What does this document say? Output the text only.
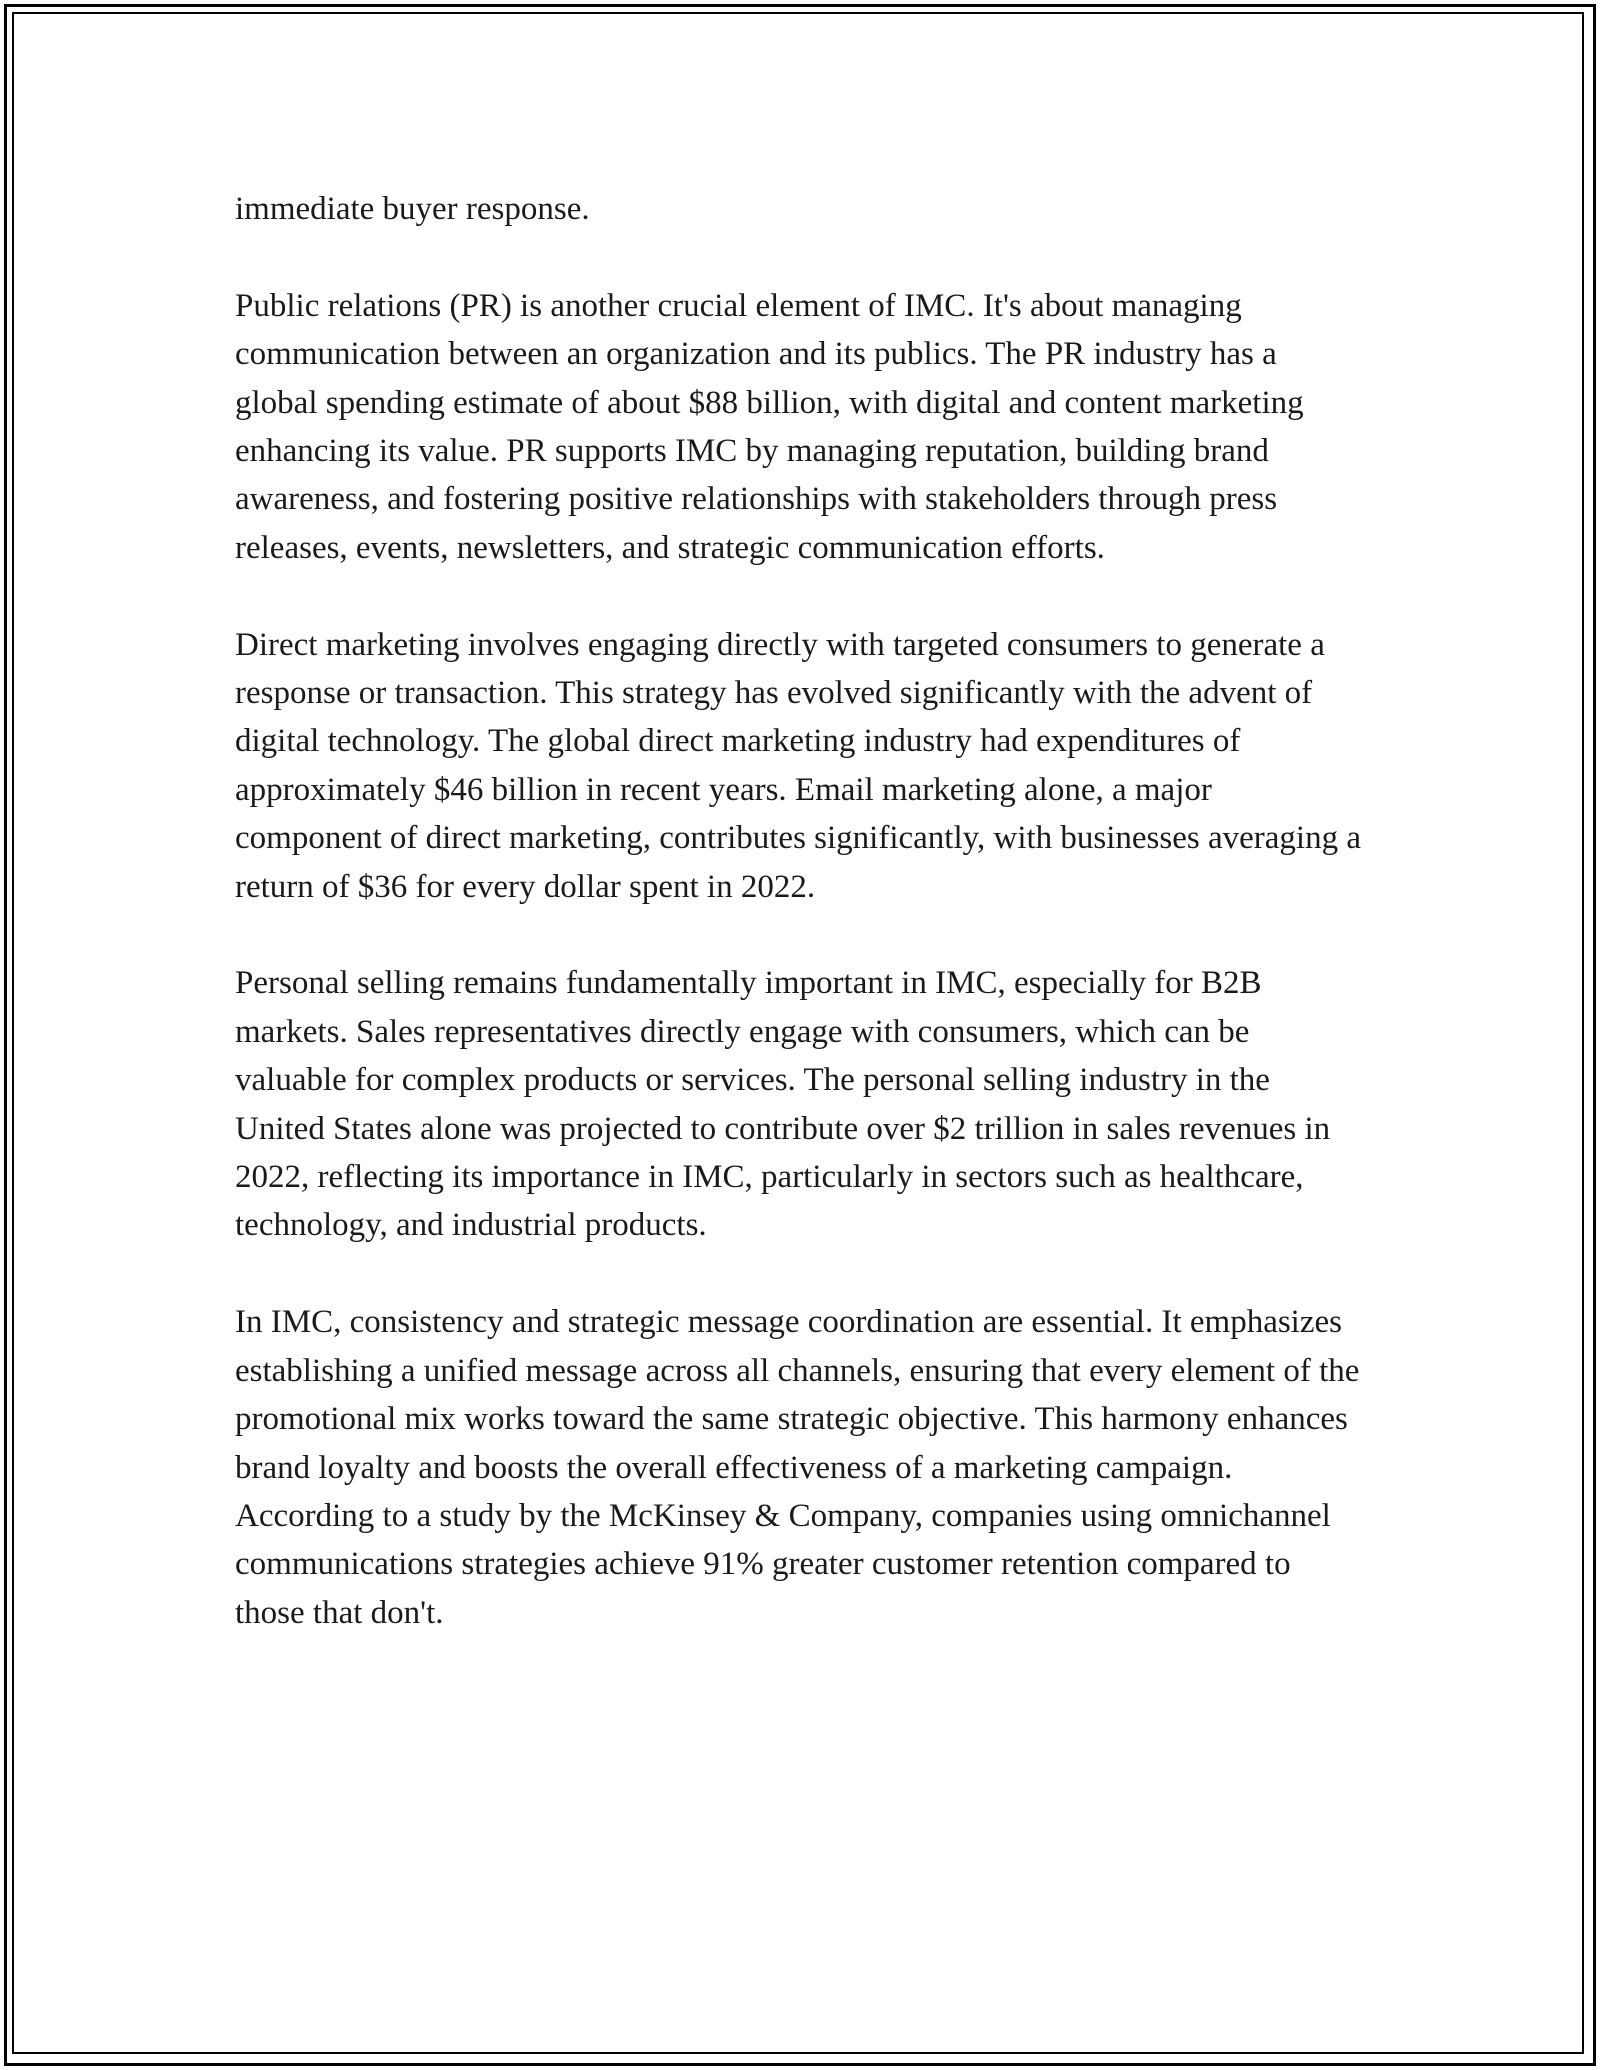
immediate buyer response.

Public relations (PR) is another crucial element of IMC. It's about managing communication between an organization and its publics. The PR industry has a global spending estimate of about $88 billion, with digital and content marketing enhancing its value. PR supports IMC by managing reputation, building brand awareness, and fostering positive relationships with stakeholders through press releases, events, newsletters, and strategic communication efforts.

Direct marketing involves engaging directly with targeted consumers to generate a response or transaction. This strategy has evolved significantly with the advent of digital technology. The global direct marketing industry had expenditures of approximately $46 billion in recent years. Email marketing alone, a major component of direct marketing, contributes significantly, with businesses averaging a return of $36 for every dollar spent in 2022.

Personal selling remains fundamentally important in IMC, especially for B2B markets. Sales representatives directly engage with consumers, which can be valuable for complex products or services. The personal selling industry in the United States alone was projected to contribute over $2 trillion in sales revenues in 2022, reflecting its importance in IMC, particularly in sectors such as healthcare, technology, and industrial products.

In IMC, consistency and strategic message coordination are essential. It emphasizes establishing a unified message across all channels, ensuring that every element of the promotional mix works toward the same strategic objective. This harmony enhances brand loyalty and boosts the overall effectiveness of a marketing campaign. According to a study by the McKinsey & Company, companies using omnichannel communications strategies achieve 91% greater customer retention compared to those that don't.
